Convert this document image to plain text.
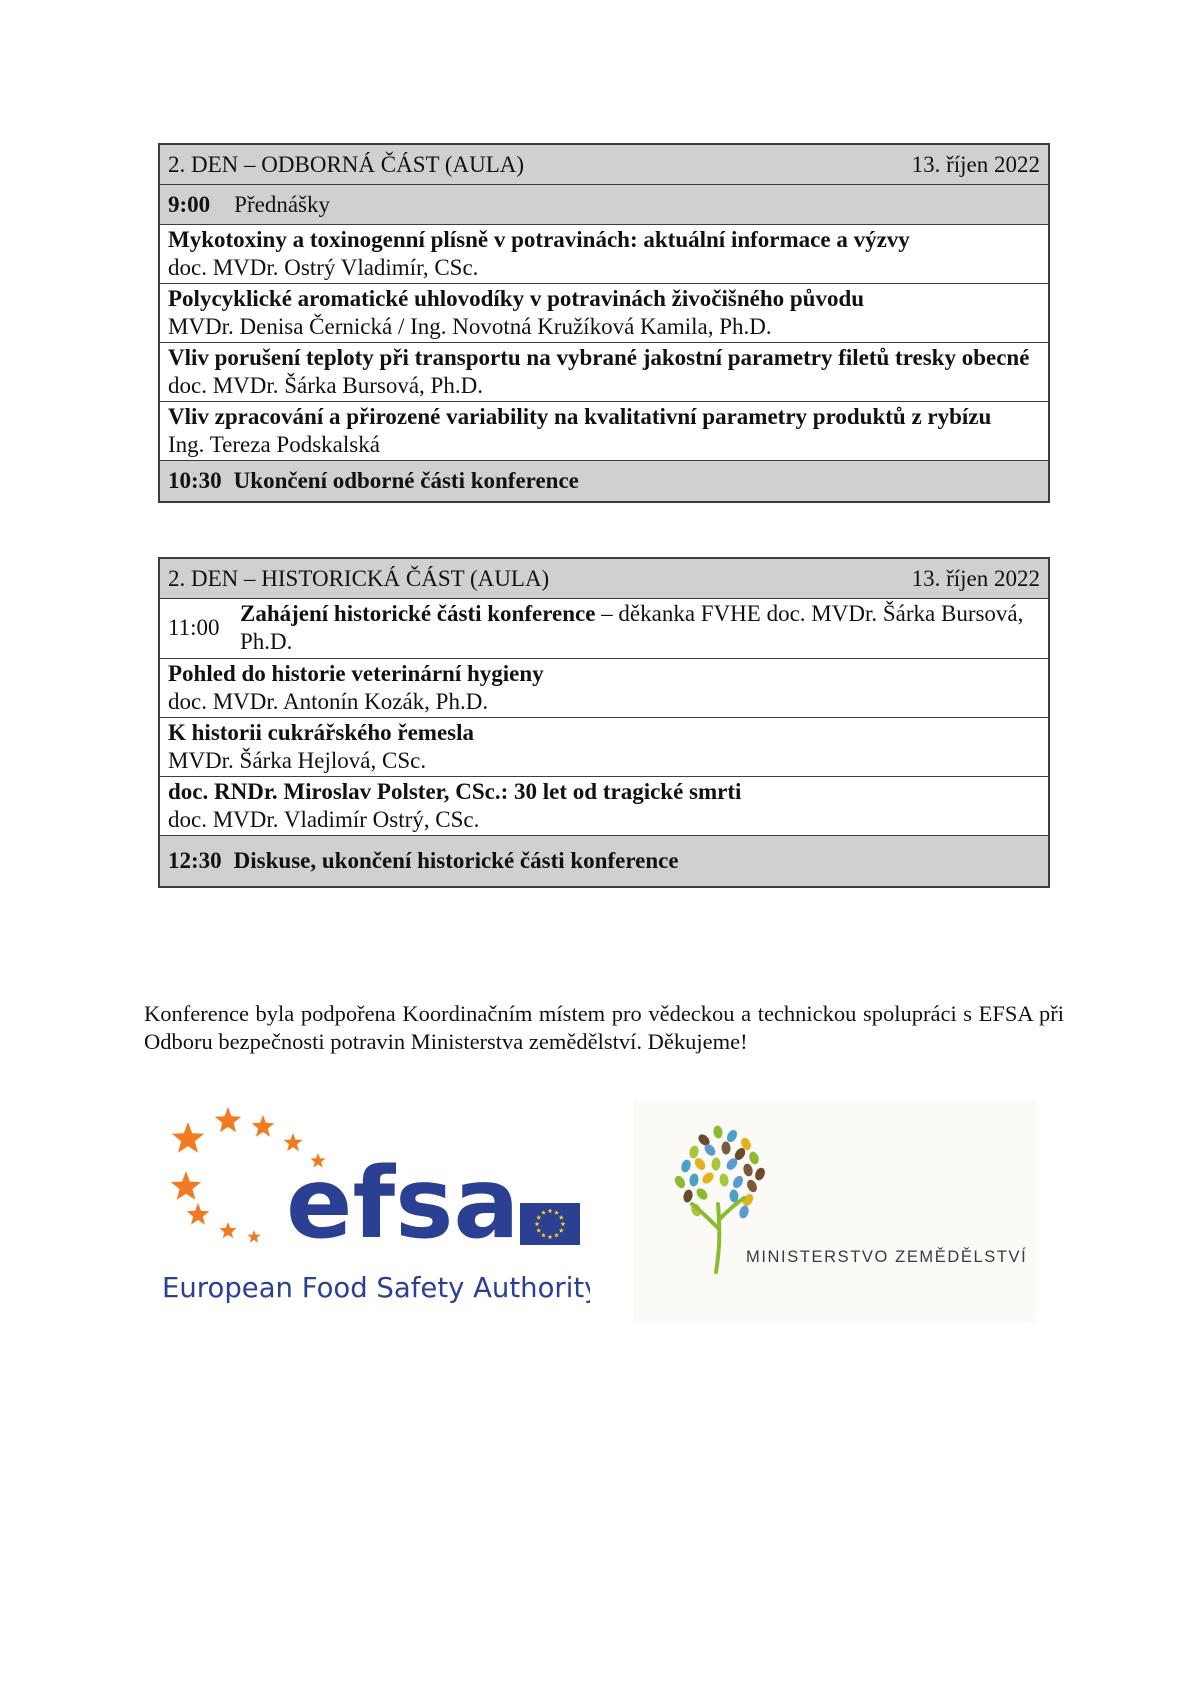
2. DEN – ODBORNÁ ČÁST (AULA)	13. říjen 2022
9:00 Přednášky
Mykotoxiny a toxinogenní plísně v potravinách: aktuální informace a výzvy
doc. MVDr. Ostrý Vladimír, CSc.
Polycyklické aromatické uhlovodíky v potravinách živočišného původu
MVDr. Denisa Černická / Ing. Novotná Kružíková Kamila, Ph.D.
Vliv porušení teploty při transportu na vybrané jakostní parametry filetů tresky obecné
doc. MVDr. Šárka Bursová, Ph.D.
Vliv zpracování a přirozené variability na kvalitativní parametry produktů z rybízu
Ing. Tereza Podskalská
10:30 Ukončení odborné části konference
2. DEN – HISTORICKÁ ČÁST (AULA)	13. říjen 2022
11:00
Zahájení historické části konference – děkanka FVHE doc. MVDr. Šárka Bursová, Ph.D.
Pohled do historie veterinární hygieny
doc. MVDr. Antonín Kozák, Ph.D.
K historii cukrářského řemesla
MVDr. Šárka Hejlová, CSc.
doc. RNDr. Miroslav Polster, CSc.: 30 let od tragické smrti
doc. MVDr. Vladimír Ostrý, CSc.
12:30 Diskuse, ukončení historické části konference
Konference byla podpořena Koordinačním místem pro vědeckou a technickou spolupráci s EFSA při Odboru bezpečnosti potravin Ministerstva zemědělství. Děkujeme!
efsa
European Food Safety Authority
MINISTERSTVO ZEMĚDĚLSTVÍ
